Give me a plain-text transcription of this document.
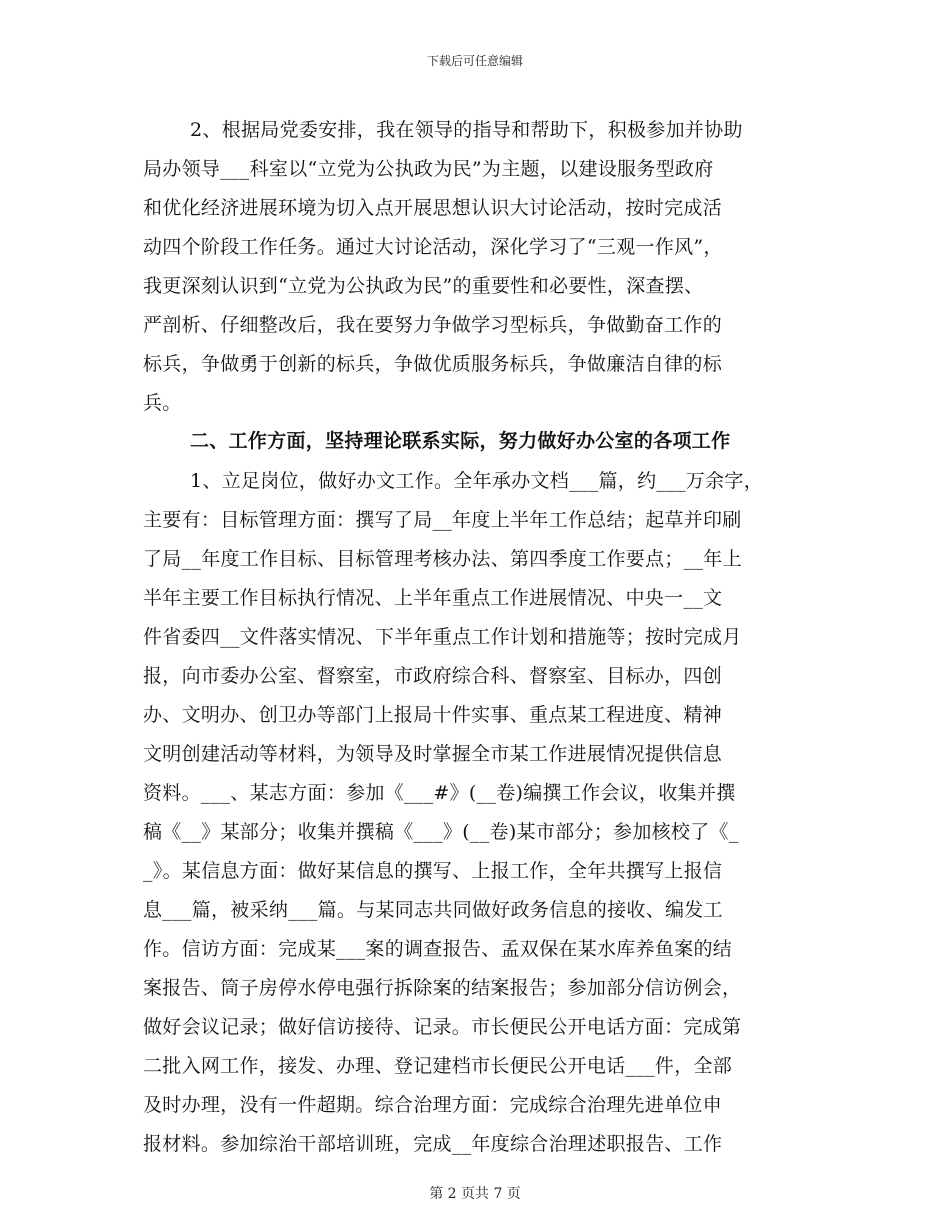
下载后可任意编辑
2、根据局党委安排，我在领导的指导和帮助下，积极参加并协助
局办领导___科室以“立党为公执政为民”为主题，以建设服务型政府
和优化经济进展环境为切入点开展思想认识大讨论活动，按时完成活
动四个阶段工作任务。通过大讨论活动，深化学习了“三观一作风”，
我更深刻认识到“立党为公执政为民”的重要性和必要性，深查摆、
严剖析、仔细整改后，我在要努力争做学习型标兵，争做勤奋工作的
标兵，争做勇于创新的标兵，争做优质服务标兵，争做廉洁自律的标
兵。
二、工作方面，坚持理论联系实际，努力做好办公室的各项工作
1、立足岗位，做好办文工作。全年承办文档___篇，约___万余字，
主要有：目标管理方面：撰写了局__年度上半年工作总结；起草并印刷
了局__年度工作目标、目标管理考核办法、第四季度工作要点；__年上
半年主要工作目标执行情况、上半年重点工作进展情况、中央一__文
件省委四__文件落实情况、下半年重点工作计划和措施等；按时完成月
报，向市委办公室、督察室，市政府综合科、督察室、目标办，四创
办、文明办、创卫办等部门上报局十件实事、重点某工程进度、精神
文明创建活动等材料，为领导及时掌握全市某工作进展情况提供信息
资料。___、某志方面：参加《___#》(__卷)编撰工作会议，收集并撰
稿《__》某部分；收集并撰稿《___》(__卷)某市部分；参加核校了《_
_》。某信息方面：做好某信息的撰写、上报工作，全年共撰写上报信
息___篇，被采纳___篇。与某同志共同做好政务信息的接收、编发工
作。信访方面：完成某___案的调查报告、孟双保在某水库养鱼案的结
案报告、筒子房停水停电强行拆除案的结案报告；参加部分信访例会，
做好会议记录；做好信访接待、记录。市长便民公开电话方面：完成第
二批入网工作，接发、办理、登记建档市长便民公开电话___件，全部
及时办理，没有一件超期。综合治理方面：完成综合治理先进单位申
报材料。参加综治干部培训班，完成__年度综合治理述职报告、工作
第 2 页共 7 页
